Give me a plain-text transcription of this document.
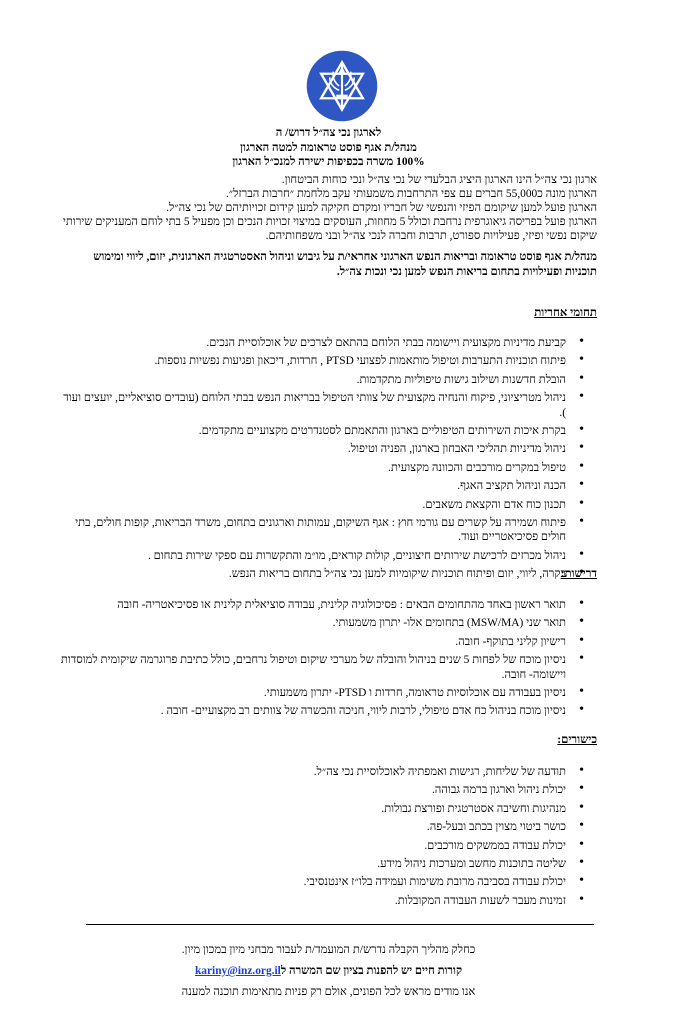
לארגון נכי צה״ל דרוש/ ה
מנהל/ת אגף פוסט טראומה למטה הארגון
100% משרה בכפיפות ישירה למנכ״ל הארגון
ארגון נכי צה״ל הינו הארגון היציג הבלעדי של נכי צה״ל ונכי כוחות הביטחון.
הארגון מונה כ55,000 חברים עם צפי התרחבות משמעותי עקב מלחמת ״חרבות הברזל״.
הארגון פועל למען שיקומם הפיזי והנפשי של חבריו ומקדם חקיקה למען קידום זכויותיהם של נכי צה״ל.
הארגון פועל בפריסה גיאוגרפית נרחבת וכולל 5 מחוזות, העוסקים במיצוי זכויות הנכים וכן מפעיל 5 בתי לוחם המעניקים שירותי שיקום נפשי ופיזי, פעילויות ספורט, תרבות וחברה לנכי צה״ל ובני משפחותיהם.
מנהל/ת אגף פוסט טראומה ובריאות הנפש הארגוני אחראי/ת על גיבוש וניהול האסטרטגיה הארגונית, יזום, ליווי ומימוש תוכניות ופעילויות בתחום בריאות הנפש למען נכי ונכות צה״ל.
תחומי אחריות
• קביעת מדיניות מקצועית ויישומה בבתי הלוחם בהתאם לצרכים של אוכלוסיית הנכים.
• פיתוח תוכניות התערבות וטיפול מותאמות לפצועי PTSD , חרדות, דיכאון ופגיעות נפשיות נוספות.
• הובלת חדשנות ושילוב גישות טיפוליות מתקדמות.
• ניהול מטריציוני, פיקוח והנחיה מקצועית של צוותי הטיפול בבריאות הנפש בבתי הלוחם (עובדים סוציאליים, יועצים ועוד ).
• בקרת איכות השירותים הטיפוליים בארגון והתאמתם לסטנדרטים מקצועיים מתקדמים.
• ניהול מדיניות תהליכי האבחון בארגון, הפניה וטיפול.
• טיפול במקרים מורכבים והכוונה מקצועית.
• הכנה וניהול תקציב האגף.
• תכנון כוח אדם והקצאת משאבים.
• פיתוח ושמירה על קשרים עם גורמי חוץ : אגף השיקום, עמותות וארגונים בתחום, משרד הבריאות, קופות חולים, בתי חולים פסיכיאטריים ועוד.
• ניהול מכרזים לרכישת שירותים חיצוניים, קולות קוראים, מו״מ והתקשרות עם ספקי שירות בתחום .
• בקרה, ליווי, יזום ופיתוח תוכניות שיקומיות למען נכי צה״ל בתחום בריאות הנפש.
דרישות:
• תואר ראשון באחד מהתחומים הבאים : פסיכולוגיה קלינית, עבודה סוציאלית קלינית או פסיכיאטריה- חובה
• תואר שני (MSW/MA) בתחומים אלו- יתרון משמעותי.
• רישיון קליני בתוקף- חובה.
• ניסיון מוכח של לפחות 5 שנים בניהול והובלה של מערכי שיקום וטיפול נרחבים, כולל כתיבת פרוגרמה שיקומית למוסדות ויישומה- חובה.
• ניסיון בעבודה עם אוכלוסיות טראומה, חרדות ו PTSD- יתרון משמעותי.
• ניסיון מוכח בניהול כח אדם טיפולי, לרבות ליווי, חניכה והכשרה של צוותים רב מקצועיים- חובה .
כישורים:
• תודעה של שליחות, רגישות ואמפתיה לאוכלוסיית נכי צה״ל.
• יכולת ניהול וארגון ברמה גבוהה.
• מנהיגות וחשיבה אסטרטגית ופורצת גבולות.
• כושר ביטוי מצוין בכתב ובעל-פה.
• יכולת עבודה בממשקים מורכבים.
• שליטה בתוכנות מחשב ומערכות ניהול מידע.
• יכולת עבודה בסביבה מרובת משימות ועמידה בלו״ז אינטנסיבי.
• זמינות מעבר לשעות העבודה המקובלות.
כחלק מהליך הקבלה נדרש/ת המועמד/ת לעבור מבחני מיון במכון מיון.
קורות חיים יש להפנות בציון שם המשרה לkariny@inz.org.il
אנו מודים מראש לכל הפונים, אולם רק פניות מתאימות תוכנה למענה
